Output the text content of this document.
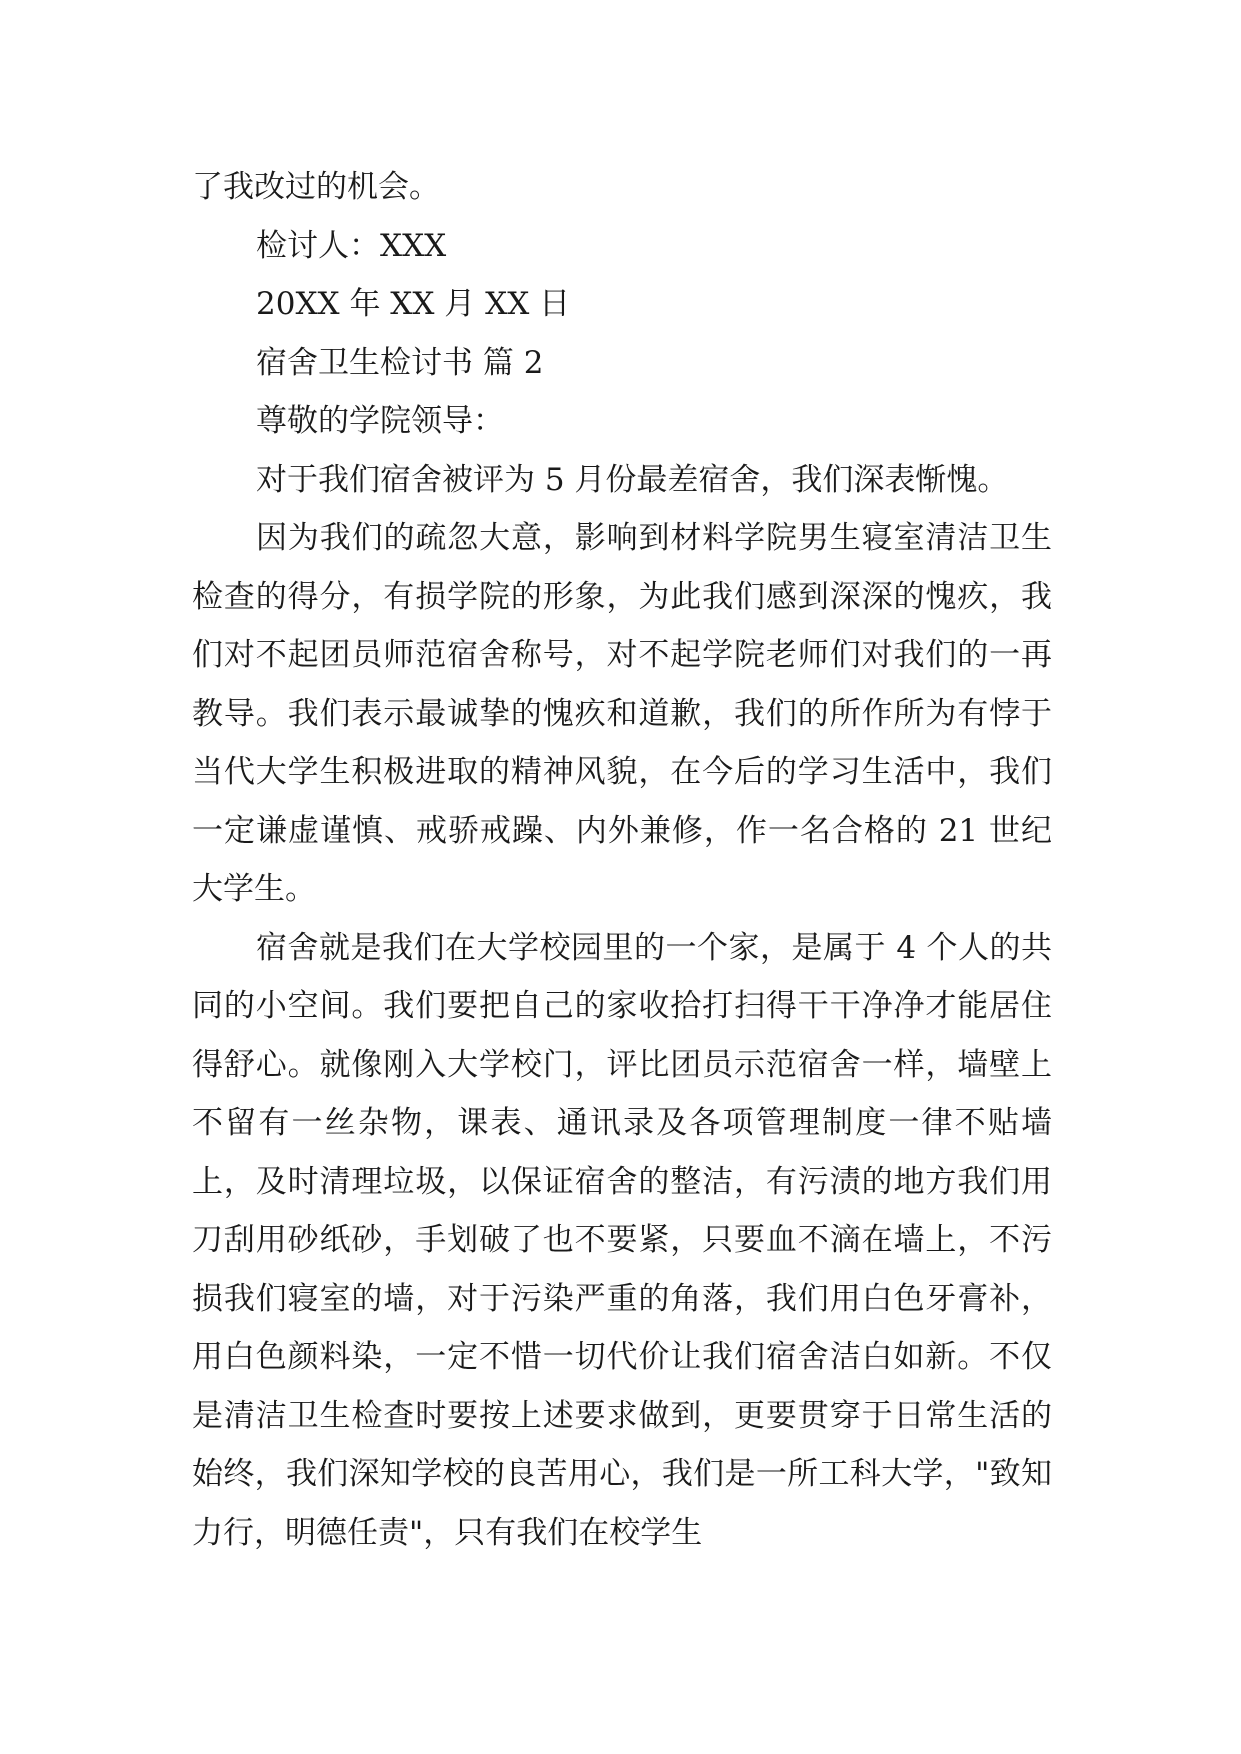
了我改过的机会。

检讨人：XXX

20XX 年 XX 月 XX 日

宿舍卫生检讨书 篇 2

尊敬的学院领导：

对于我们宿舍被评为 5 月份最差宿舍，我们深表惭愧。

因为我们的疏忽大意，影响到材料学院男生寝室清洁卫生检查的得分，有损学院的形象，为此我们感到深深的愧疚，我们对不起团员师范宿舍称号，对不起学院老师们对我们的一再教导。我们表示最诚挚的愧疚和道歉，我们的所作所为有悖于当代大学生积极进取的精神风貌，在今后的学习生活中，我们一定谦虚谨慎、戒骄戒躁、内外兼修，作一名合格的 21 世纪大学生。

宿舍就是我们在大学校园里的一个家，是属于 4 个人的共同的小空间。我们要把自己的家收拾打扫得干干净净才能居住得舒心。就像刚入大学校门，评比团员示范宿舍一样，墙壁上不留有一丝杂物，课表、通讯录及各项管理制度一律不贴墙上，及时清理垃圾，以保证宿舍的整洁，有污渍的地方我们用刀刮用砂纸砂，手划破了也不要紧，只要血不滴在墙上，不污损我们寝室的墙，对于污染严重的角落，我们用白色牙膏补，用白色颜料染，一定不惜一切代价让我们宿舍洁白如新。不仅是清洁卫生检查时要按上述要求做到，更要贯穿于日常生活的始终，我们深知学校的良苦用心，我们是一所工科大学，"致知力行，明德任责"，只有我们在校学生
